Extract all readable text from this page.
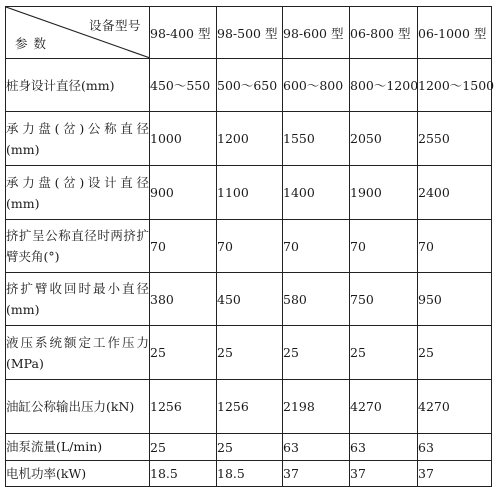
设备型号
参数	98-400 型	98-500 型	98-600 型	06-800 型	06-1000 型
桩身设计直径(mm)	450～550	500～650	600～800	800～1200	1200～1500
承力盘(岔)公称直径(mm)	1000	1200	1550	2050	2550
承力盘(岔)设计直径(mm)	900	1100	1400	1900	2400
挤扩呈公称直径时两挤扩臂夹角(°)	70	70	70	70	70
挤扩臂收回时最小直径(mm)	380	450	580	750	950
液压系统额定工作压力(MPa)	25	25	25	25	25
油缸公称输出压力(kN)	1256	1256	2198	4270	4270
油泵流量(L/min)	25	25	63	63	63
电机功率(kW)	18.5	18.5	37	37	37
